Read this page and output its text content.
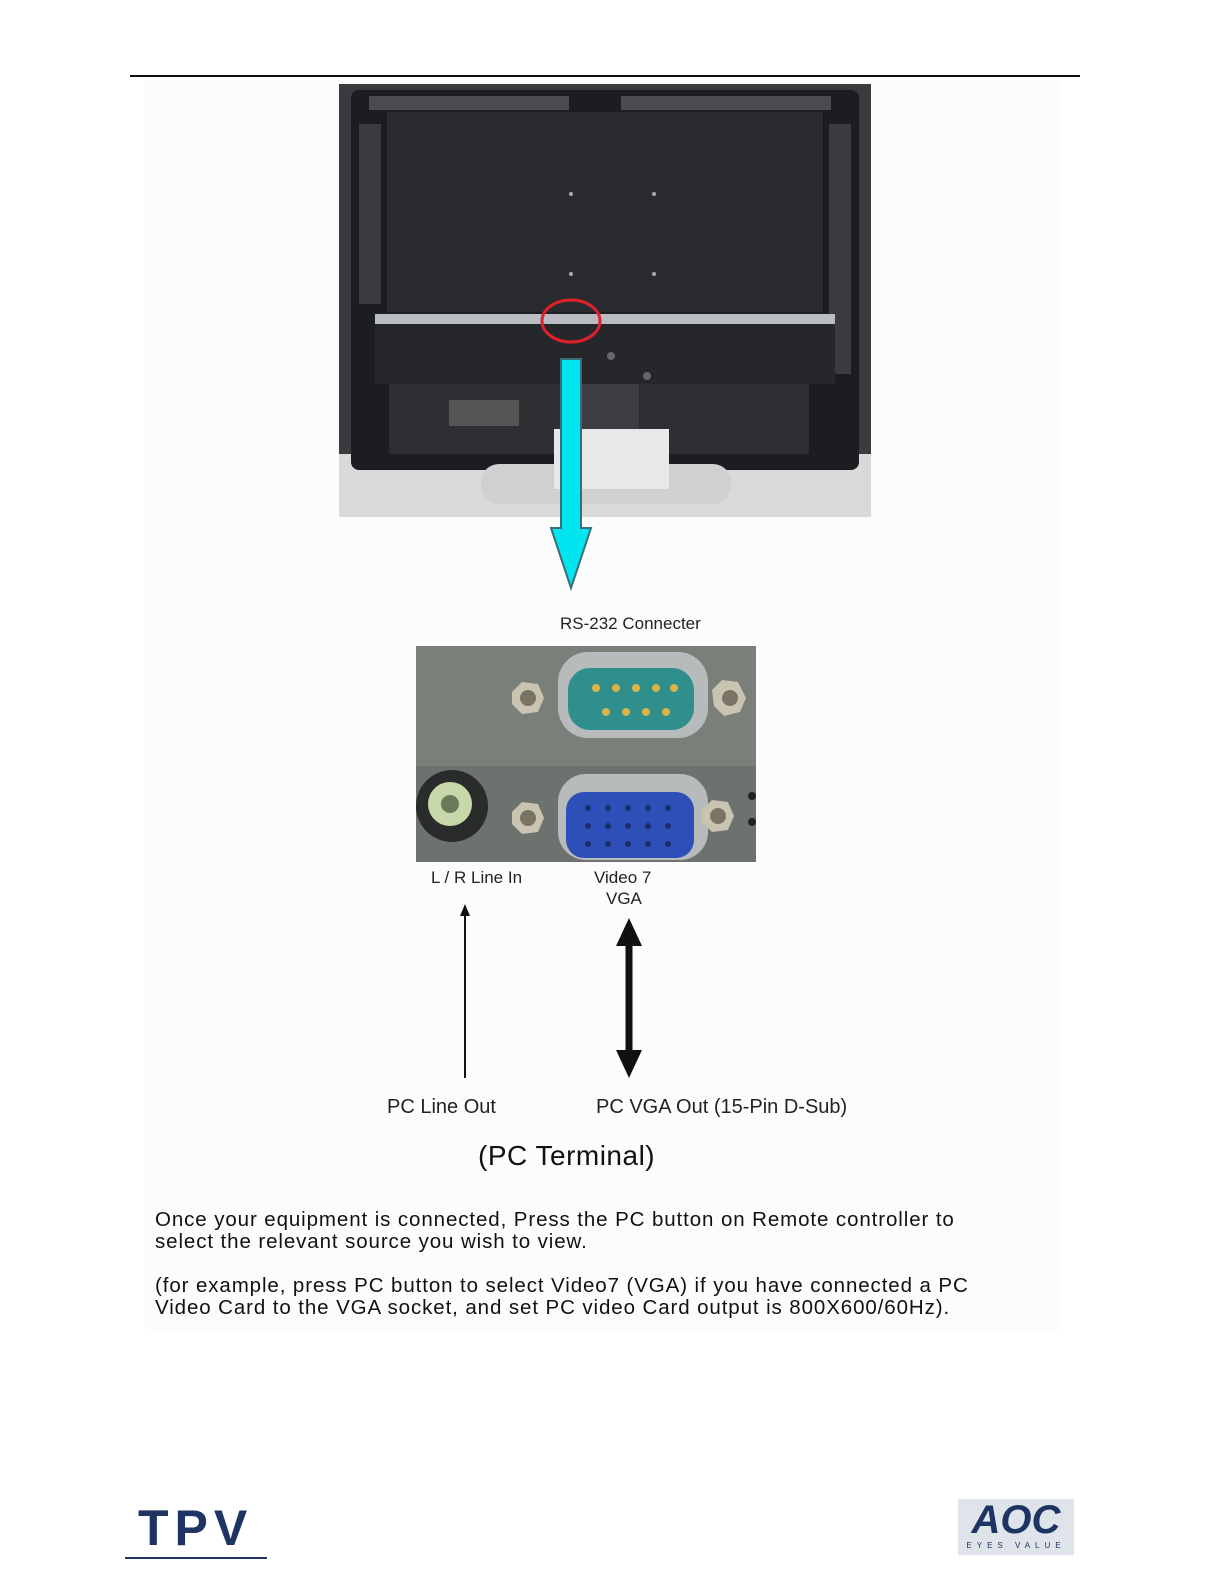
RS-232 Connecter
L / R Line In	Video 7
VGA
PC Line Out	PC VGA Out (15-Pin D-Sub)
(PC Terminal)
Once your equipment is connected, Press the PC button on Remote controller to
select the relevant source you wish to view.
(for example, press PC button to select Video7 (VGA) if you have connected a PC
Video Card to the VGA socket, and set PC video Card output is 800X600/60Hz).
TPV	AOC
EYES VALUE
